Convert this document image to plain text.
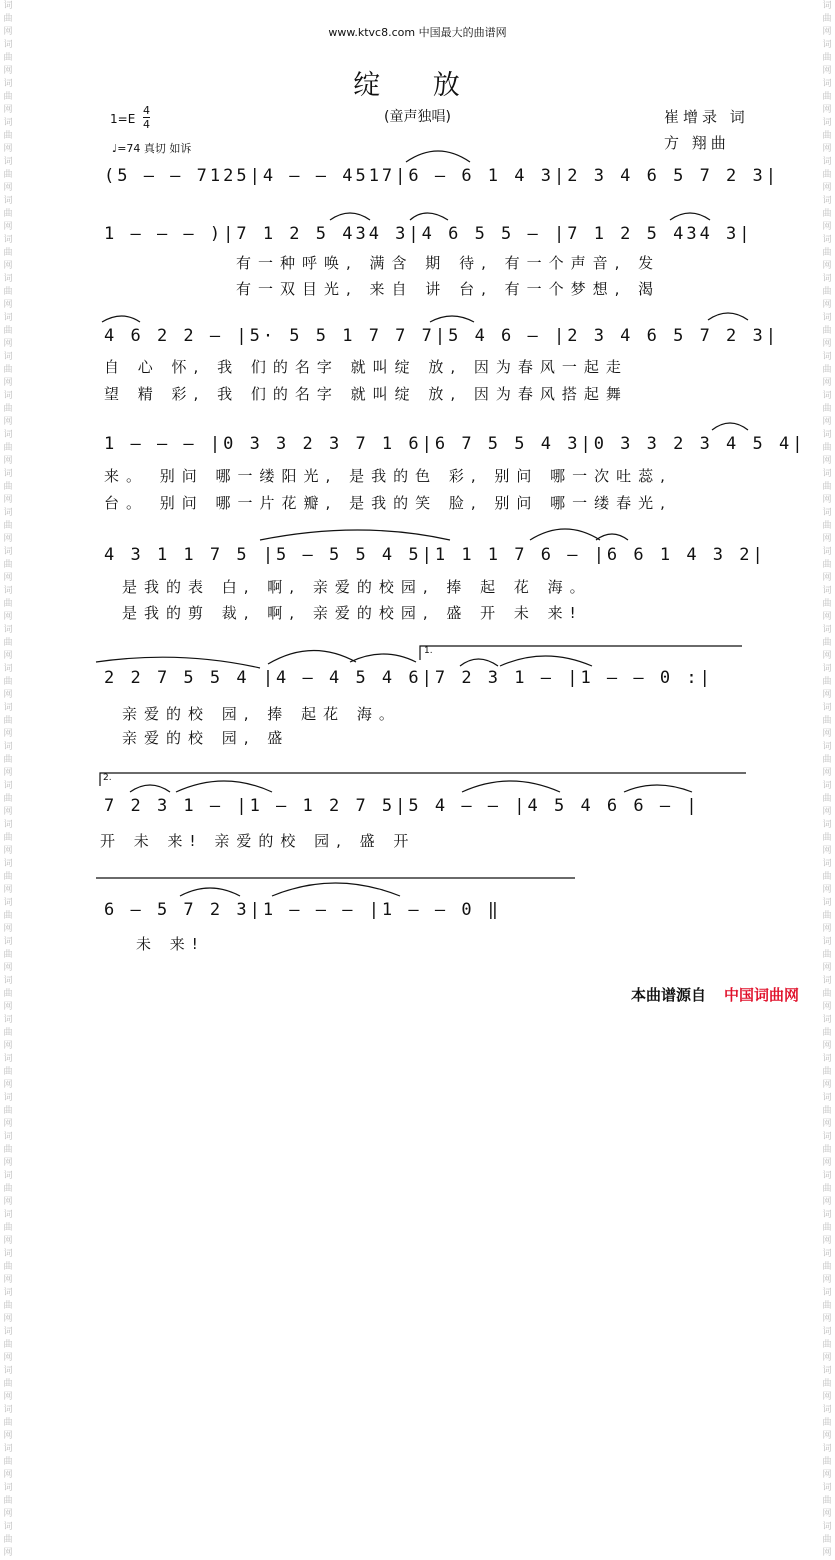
词曲网词曲网词曲网词曲网词曲网词曲网词曲网词曲网词曲网词曲网词曲网词曲网词曲网词曲网词曲网词曲网词曲网词曲网词曲网词曲网词曲网词曲网词曲网词曲网词曲网词曲网词曲网词曲网词曲网词曲网词曲网词曲网词曲网词曲网词曲网词曲网词曲网词曲网词曲网词曲网
词曲网词曲网词曲网词曲网词曲网词曲网词曲网词曲网词曲网词曲网词曲网词曲网词曲网词曲网词曲网词曲网词曲网词曲网词曲网词曲网词曲网词曲网词曲网词曲网词曲网词曲网词曲网词曲网词曲网词曲网词曲网词曲网词曲网词曲网词曲网词曲网词曲网词曲网词曲网词曲网
www.ktvc8.com 中国最大的曲谱网
绽 放
(童声独唱)
$1=E \frac{4}{4}$
♩=74 真切 如诉
崔增录 词
方 翔曲
(5 – – 7125|4 – – 4517|6 – 6 1 4 3|2 3 4 6 5 7 2 3|
1 – – – )|7 1 2 5 434 3|4 6 5 5 – |7 1 2 5 434 3|
有一种呼唤, 满含 期 待, 有一个声音, 发
有一双目光, 来自 讲 台, 有一个梦想, 渴
4 6 2 2 – |5· 5 5 1 7 7 7|5 4 6 – |2 3 4 6 5 7 2 3|
自 心 怀, 我 们的名字 就叫绽 放, 因为春风一起走
望 精 彩, 我 们的名字 就叫绽 放, 因为春风搭起舞
1 – – – |0 3 3 2 3 7 1 6|6 7 5 5 4 3|0 3 3 2 3 4 5 4|
来。 别问 哪一缕阳光, 是我的色 彩, 别问 哪一次吐蕊,
台。 别问 哪一片花瓣, 是我的笑 脸, 别问 哪一缕春光,
4 3 1 1 7 5 |5 – 5 5 4 5|1 1 1 7 6 – |6 6 1 4 3 2|
是我的表 白, 啊, 亲爱的校园, 捧 起 花 海。
是我的剪 裁, 啊, 亲爱的校园, 盛 开 未 来!
2 2 7 5 5 4 |4 – 4 5 4 6|7 2 3 1 – |1 – – 0 :|
亲爱的校 园, 捧 起花 海。
亲爱的校 园, 盛
7 2 3 1 – |1 – 1 2 7 5|5 4 – – |4 5 4 6 6 – |
开 未 来! 亲爱的校 园, 盛 开
6 – 5 7 2 3|1 – – – |1 – – 0 ‖
未 来!
1.
2.
本曲谱源自 中国词曲网
